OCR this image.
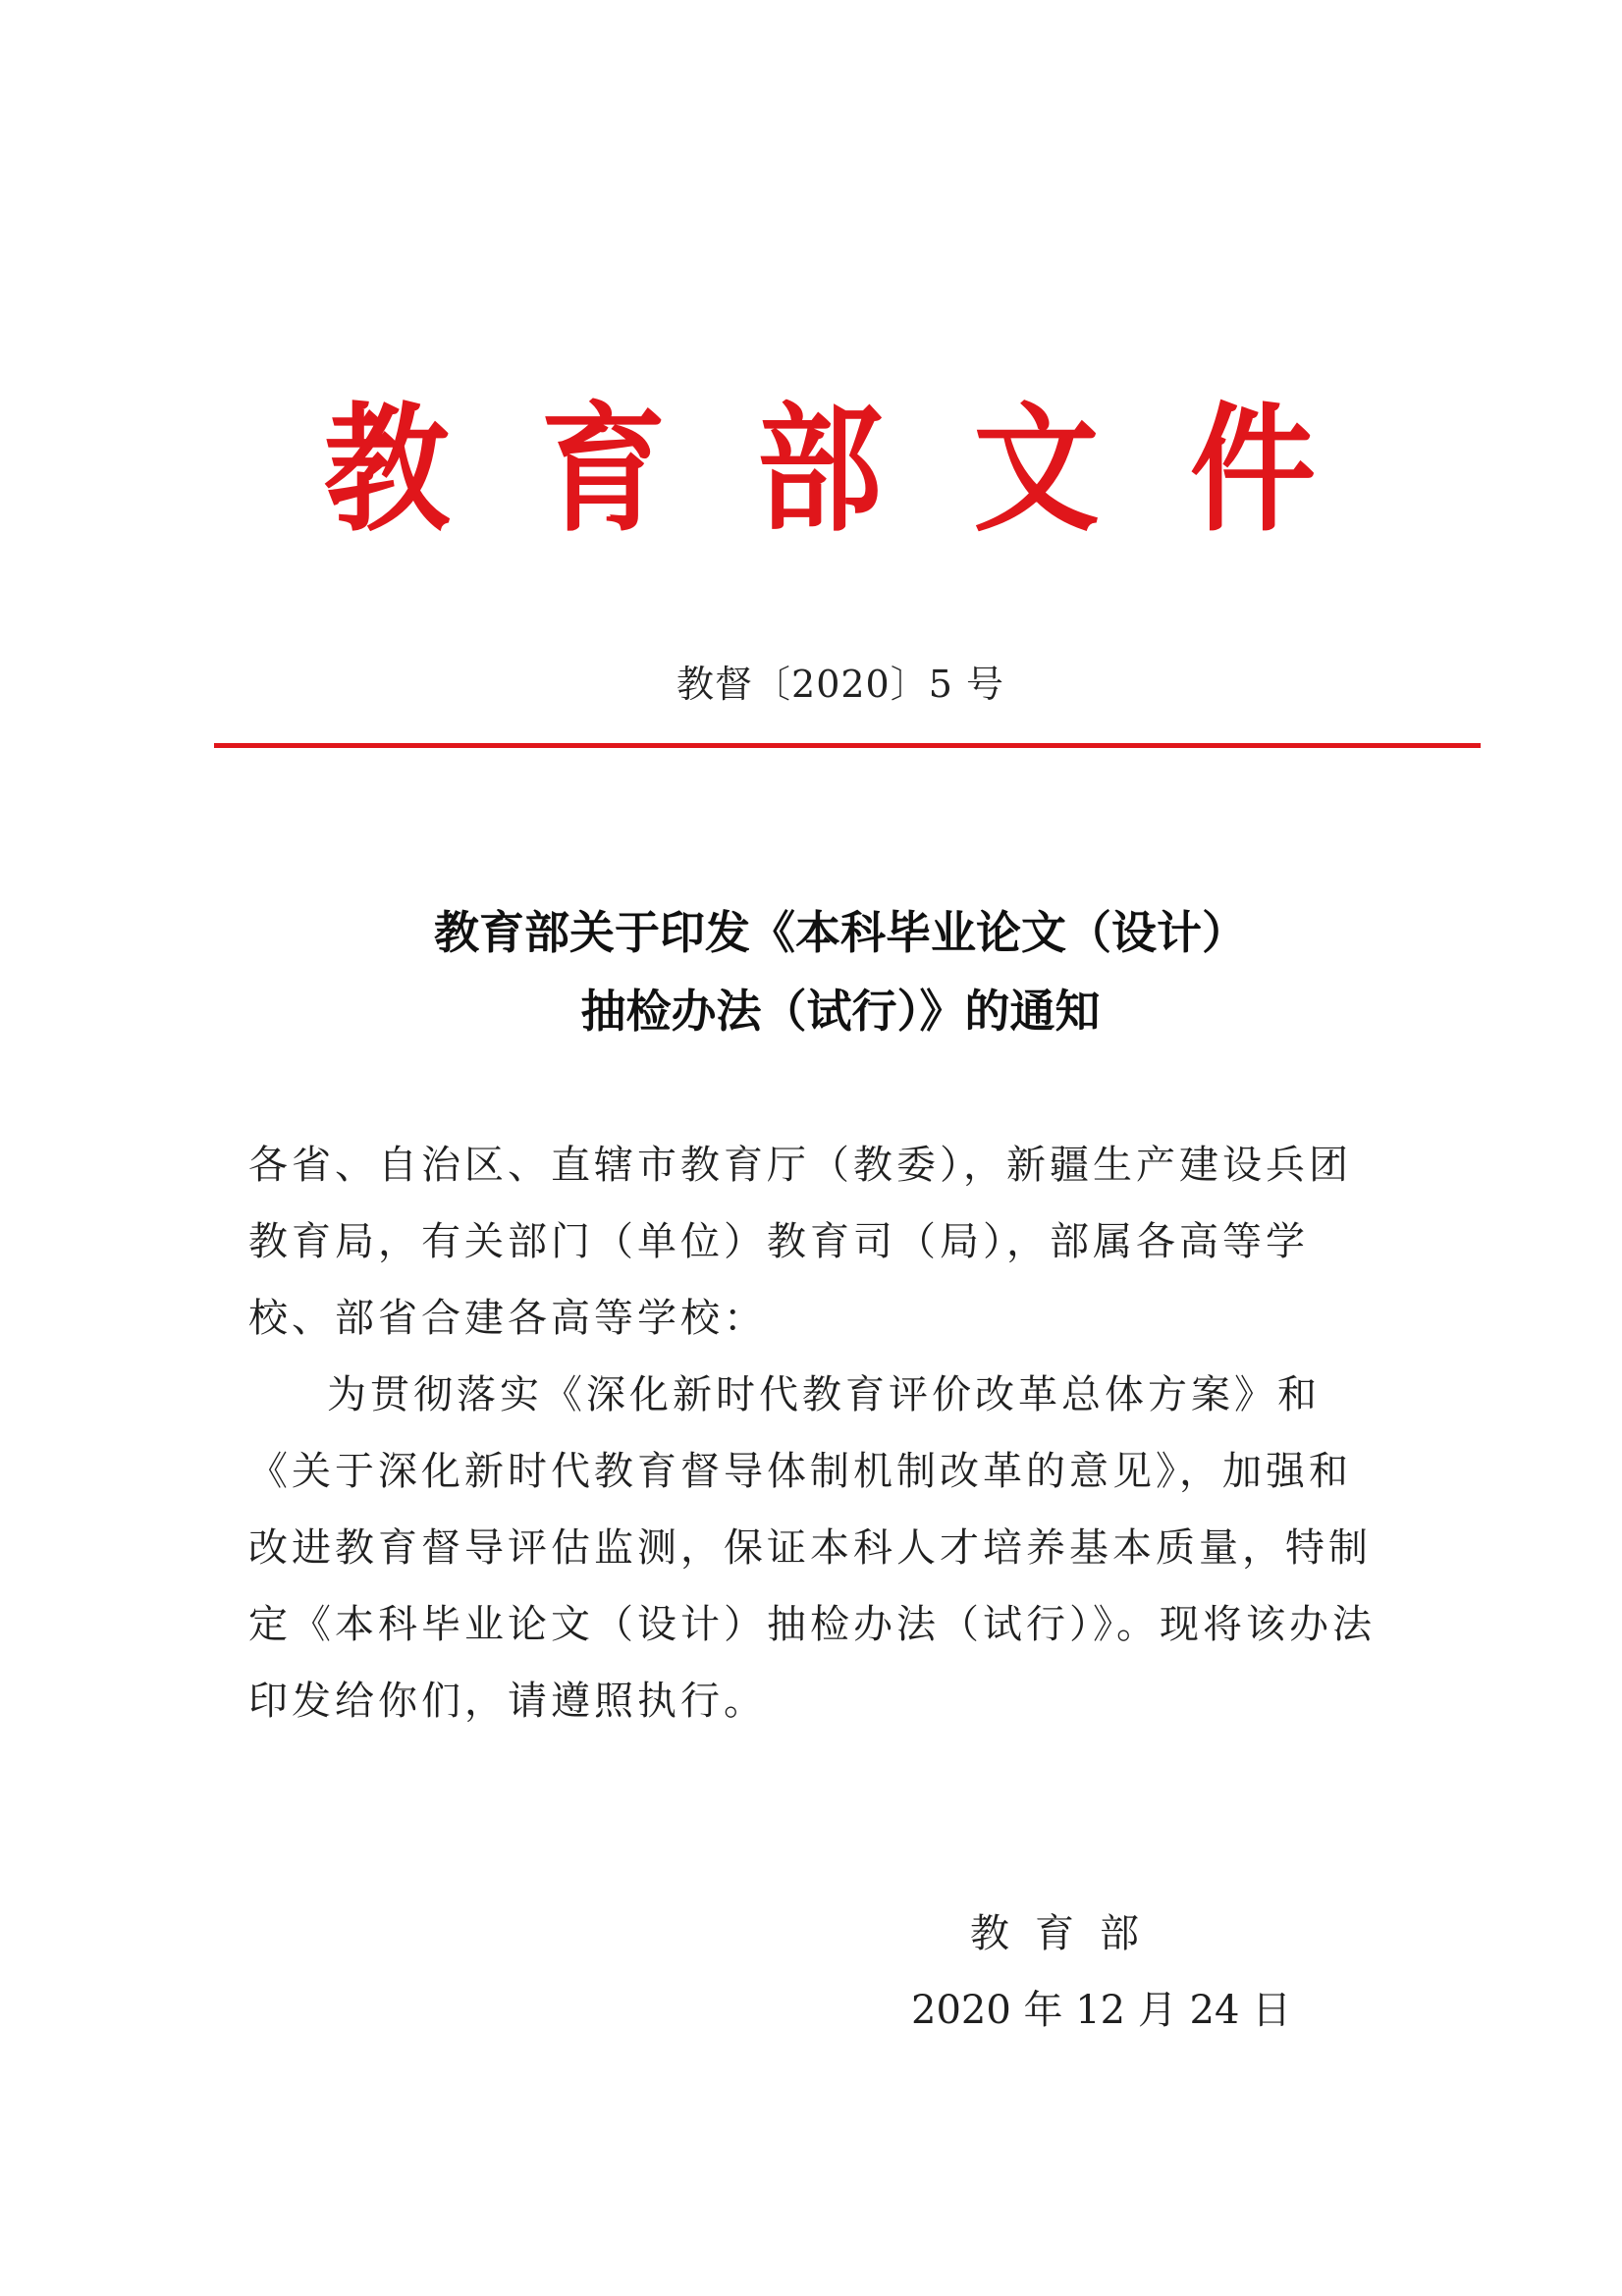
教 育 部 文 件
教督〔2020〕5 号
教育部关于印发《本科毕业论文（设计）
抽检办法（试行）》的通知

各省、自治区、直辖市教育厅（教委），新疆生产建设兵团教育局，有关部门（单位）教育司（局），部属各高等学校、部省合建各高等学校：

为贯彻落实《深化新时代教育评价改革总体方案》和《关于深化新时代教育督导体制机制改革的意见》，加强和改进教育督导评估监测，保证本科人才培养基本质量，特制定《本科毕业论文（设计）抽检办法（试行）》。现将该办法印发给你们，请遵照执行。

教育部
2020 年 12 月 24 日
